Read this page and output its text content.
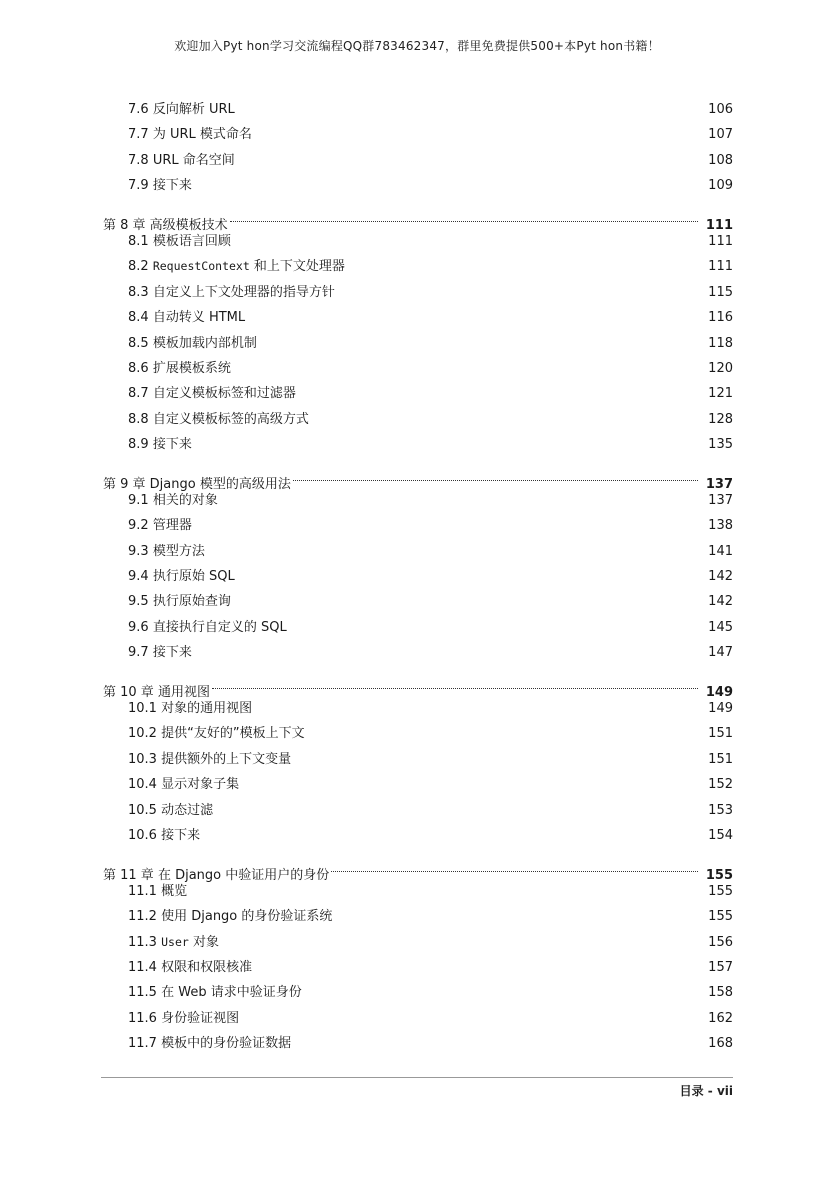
欢迎加入Pyt hon学习交流编程QQ群783462347，群里免费提供500+本Pyt hon书籍！
7.6 反向解析 URL	106
7.7 为 URL 模式命名	107
7.8 URL 命名空间	108
7.9 接下来	109
第 8 章 高级模板技术	111
8.1 模板语言回顾	111
8.2 RequestContext 和上下文处理器	111
8.3 自定义上下文处理器的指导方针	115
8.4 自动转义 HTML	116
8.5 模板加载内部机制	118
8.6 扩展模板系统	120
8.7 自定义模板标签和过滤器	121
8.8 自定义模板标签的高级方式	128
8.9 接下来	135
第 9 章 Django 模型的高级用法	137
9.1 相关的对象	137
9.2 管理器	138
9.3 模型方法	141
9.4 执行原始 SQL	142
9.5 执行原始查询	142
9.6 直接执行自定义的 SQL	145
9.7 接下来	147
第 10 章 通用视图	149
10.1 对象的通用视图	149
10.2 提供“友好的”模板上下文	151
10.3 提供额外的上下文变量	151
10.4 显示对象子集	152
10.5 动态过滤	153
10.6 接下来	154
第 11 章 在 Django 中验证用户的身份	155
11.1 概览	155
11.2 使用 Django 的身份验证系统	155
11.3 User 对象	156
11.4 权限和权限核准	157
11.5 在 Web 请求中验证身份	158
11.6 身份验证视图	162
11.7 模板中的身份验证数据	168
目录 - vii
